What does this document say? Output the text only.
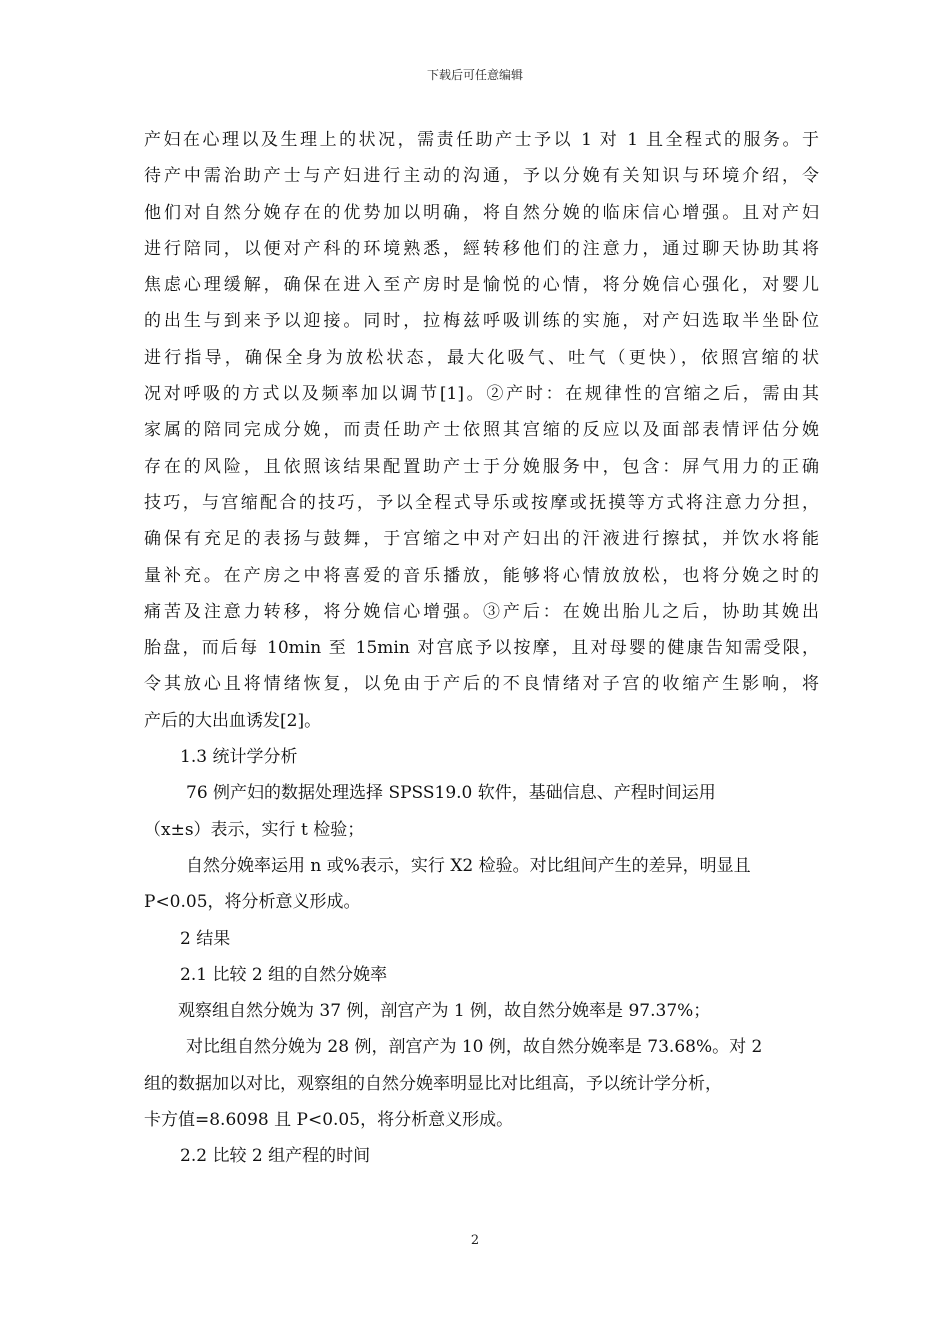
下载后可任意编辑
产妇在心理以及生理上的状况，需责任助产士予以 1 对 1 且全程式的服务。于
待产中需治助产士与产妇进行主动的沟通，予以分娩有关知识与环境介绍，令
他们对自然分娩存在的优势加以明确，将自然分娩的临床信心增强。且对产妇
进行陪同，以便对产科的环境熟悉，經转移他们的注意力，通过聊天协助其将
焦虑心理缓解，确保在进入至产房时是愉悦的心情，将分娩信心强化，对婴儿
的出生与到来予以迎接。同时，拉梅兹呼吸训练的实施，对产妇选取半坐卧位
进行指导，确保全身为放松状态，最大化吸气、吐气（更快），依照宫缩的状
况对呼吸的方式以及频率加以调节[1]。②产时：在规律性的宫缩之后，需由其
家属的陪同完成分娩，而责任助产士依照其宫缩的反应以及面部表情评估分娩
存在的风险，且依照该结果配置助产士于分娩服务中，包含：屏气用力的正确
技巧，与宫缩配合的技巧，予以全程式导乐或按摩或抚摸等方式将注意力分担，
确保有充足的表扬与鼓舞，于宫缩之中对产妇出的汗液进行擦拭，并饮水将能
量补充。在产房之中将喜爱的音乐播放，能够将心情放放松，也将分娩之时的
痛苦及注意力转移，将分娩信心增强。③产后：在娩出胎儿之后，协助其娩出
胎盘，而后每 10min 至 15min 对宫底予以按摩，且对母婴的健康告知需受限，
令其放心且将情绪恢复，以免由于产后的不良情绪对子宫的收缩产生影响，将
产后的大出血诱发[2]。
1.3 统计学分析
76 例产妇的数据处理选择 SPSS19.0 软件，基础信息、产程时间运用
（x±s）表示，实行 t 检验；
自然分娩率运用 n 或%表示，实行 X2 检验。对比组间产生的差异，明显且
P<0.05，将分析意义形成。
2 结果
2.1 比较 2 组的自然分娩率
观察组自然分娩为 37 例，剖宫产为 1 例，故自然分娩率是 97.37%；
对比组自然分娩为 28 例，剖宫产为 10 例，故自然分娩率是 73.68%。对 2
组的数据加以对比，观察组的自然分娩率明显比对比组高，予以统计学分析，
卡方值=8.6098 且 P<0.05，将分析意义形成。
2.2 比较 2 组产程的时间
2
